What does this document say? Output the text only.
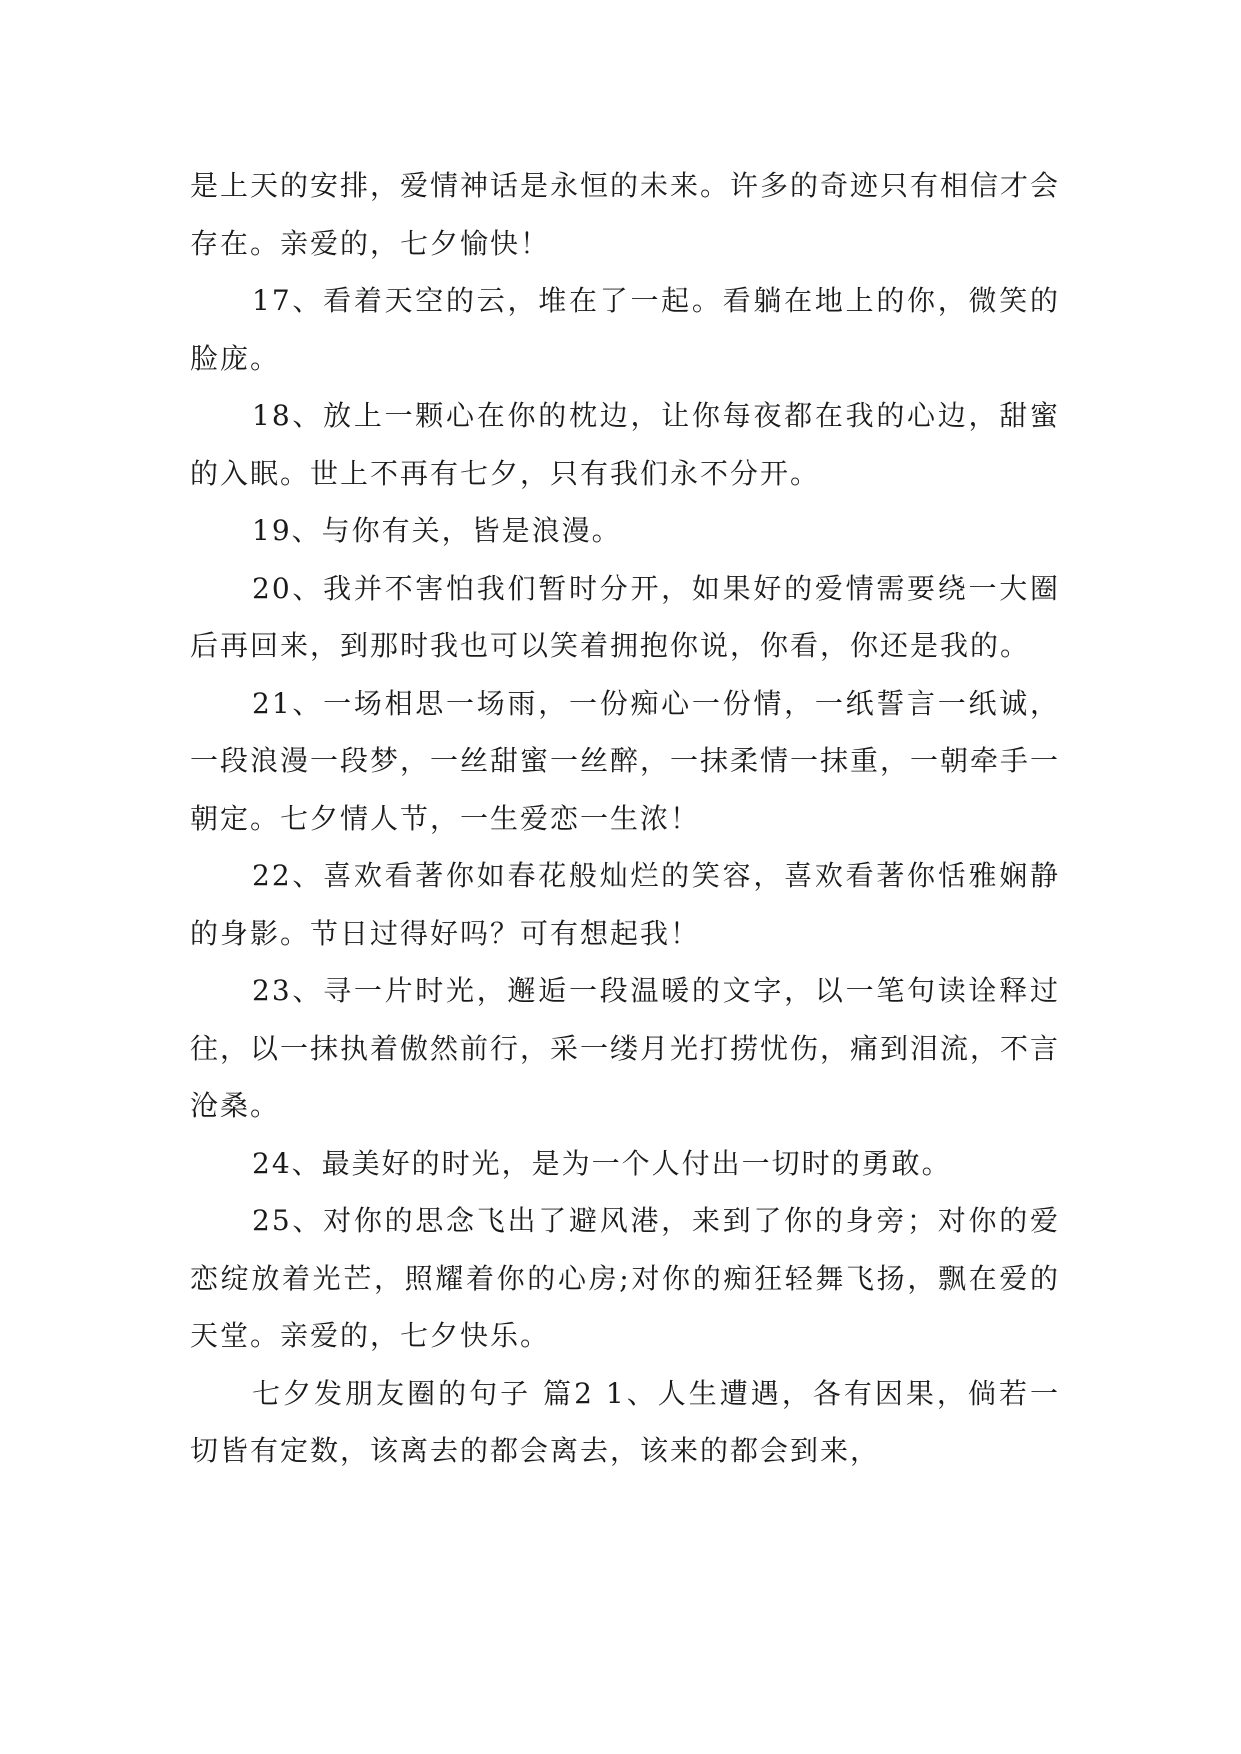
是上天的安排，爱情神话是永恒的未来。许多的奇迹只有相信才会存在。亲爱的，七夕愉快！

17、看着天空的云，堆在了一起。看躺在地上的你，微笑的脸庞。

18、放上一颗心在你的枕边，让你每夜都在我的心边，甜蜜的入眠。世上不再有七夕，只有我们永不分开。

19、与你有关，皆是浪漫。

20、我并不害怕我们暂时分开，如果好的爱情需要绕一大圈后再回来，到那时我也可以笑着拥抱你说，你看，你还是我的。

21、一场相思一场雨，一份痴心一份情，一纸誓言一纸诚，一段浪漫一段梦，一丝甜蜜一丝醉，一抹柔情一抹重，一朝牵手一朝定。七夕情人节，一生爱恋一生浓！

22、喜欢看著你如春花般灿烂的笑容，喜欢看著你恬雅娴静的身影。节日过得好吗？可有想起我！

23、寻一片时光，邂逅一段温暖的文字，以一笔句读诠释过往，以一抹执着傲然前行，采一缕月光打捞忧伤，痛到泪流，不言沧桑。

24、最美好的时光，是为一个人付出一切时的勇敢。

25、对你的思念飞出了避风港，来到了你的身旁；对你的爱恋绽放着光芒，照耀着你的心房;对你的痴狂轻舞飞扬，飘在爱的天堂。亲爱的，七夕快乐。

七夕发朋友圈的句子 篇2 1、人生遭遇，各有因果，倘若一切皆有定数，该离去的都会离去，该来的都会到来，
